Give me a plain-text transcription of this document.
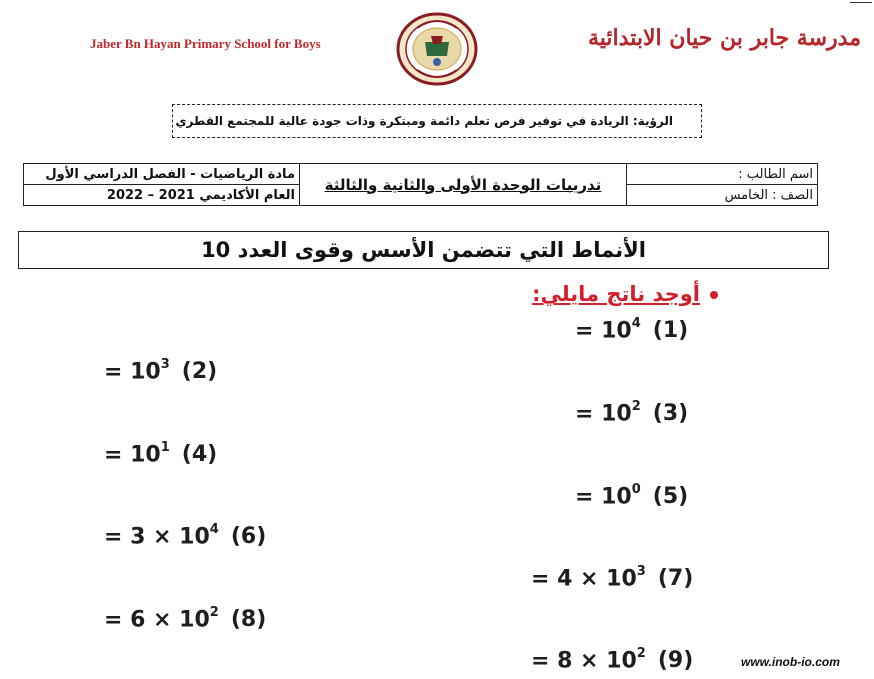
Jaber Bn Hayan Primary School for Boys	مدرسة جابر بن حيان الابتدائية
الرؤية: الريادة في توفير فرص تعلم دائمة ومبتكرة وذات جودة عالية للمجتمع القطري
اسم الطالب :	تدريبات الوحدة الأولى والثانية والثالثة	مادة الرياضيات - الفصل الدراسي الأول
الصف : الخامس		العام الأكاديمي 2021 – 2022
الأنماط التي تتضمن الأسس وقوى العدد 10
أوجد ناتج مايلي:
= $10^4$ (1)
= $10^3$ (2)
= $10^2$ (3)
= $10^1$ (4)
= $10^0$ (5)
= $3 \times 10^4$ (6)
= $4 \times 10^3$ (7)
= $6 \times 10^2$ (8)
= $8 \times 10^2$ (9)	www.inob-io.com
